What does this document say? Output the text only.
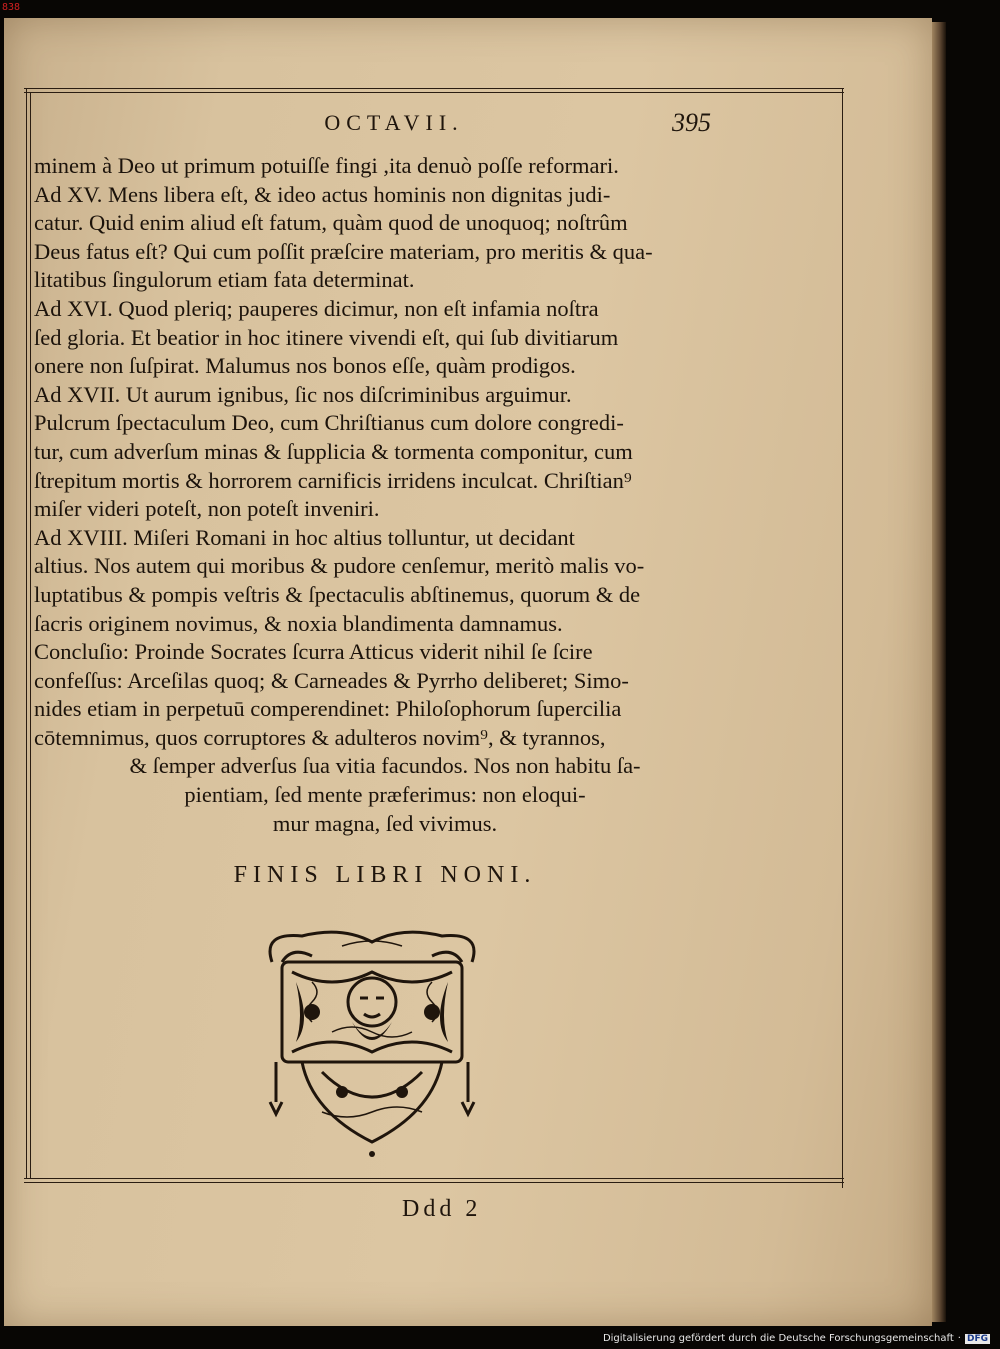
838
OCTAVII.	395
minem à Deo ut primum potuiſſe fingi ,ita denuò poſſe reformari.
Ad XV. Mens libera eſt, & ideo actus hominis non dignitas judi-
catur. Quid enim aliud eſt fatum, quàm quod de unoquoq; noſtrûm
Deus fatus eſt? Qui cum poſſit præſcire materiam, pro meritis & qua-
litatibus ſingulorum etiam fata determinat.
Ad XVI. Quod pleriq; pauperes dicimur, non eſt infamia noſtra
ſed gloria. Et beatior in hoc itinere vivendi eſt, qui ſub divitiarum
onere non ſuſpirat. Malumus nos bonos eſſe, quàm prodigos.
Ad XVII. Ut aurum ignibus, ſic nos diſcriminibus arguimur.
Pulcrum ſpectaculum Deo, cum Chriſtianus cum dolore congredi-
tur, cum adverſum minas & ſupplicia & tormenta componitur, cum
ſtrepitum mortis & horrorem carnificis irridens inculcat. Chriſtian⁹
miſer videri poteſt, non poteſt inveniri.
Ad XVIII. Miſeri Romani in hoc altius tolluntur, ut decidant
altius. Nos autem qui moribus & pudore cenſemur, meritò malis vo-
luptatibus & pompis veſtris & ſpectaculis abſtinemus, quorum & de
ſacris originem novimus, & noxia blandimenta damnamus.
Concluſio: Proinde Socrates ſcurra Atticus viderit nihil ſe ſcire
confeſſus: Arceſilas quoq; & Carneades & Pyrrho deliberet; Simo-
nides etiam in perpetuū comperendinet: Philoſophorum ſupercilia
cōtemnimus, quos corruptores & adulteros novim⁹, & tyrannos,
& ſemper adverſus ſua vitia facundos. Nos non habitu ſa-
pientiam, ſed mente præferimus: non eloqui-
mur magna, ſed vivimus.
FINIS LIBRI NONI.
Ddd 2
Digitalisierung gefördert durch die Deutsche Forschungsgemeinschaft · DFG
